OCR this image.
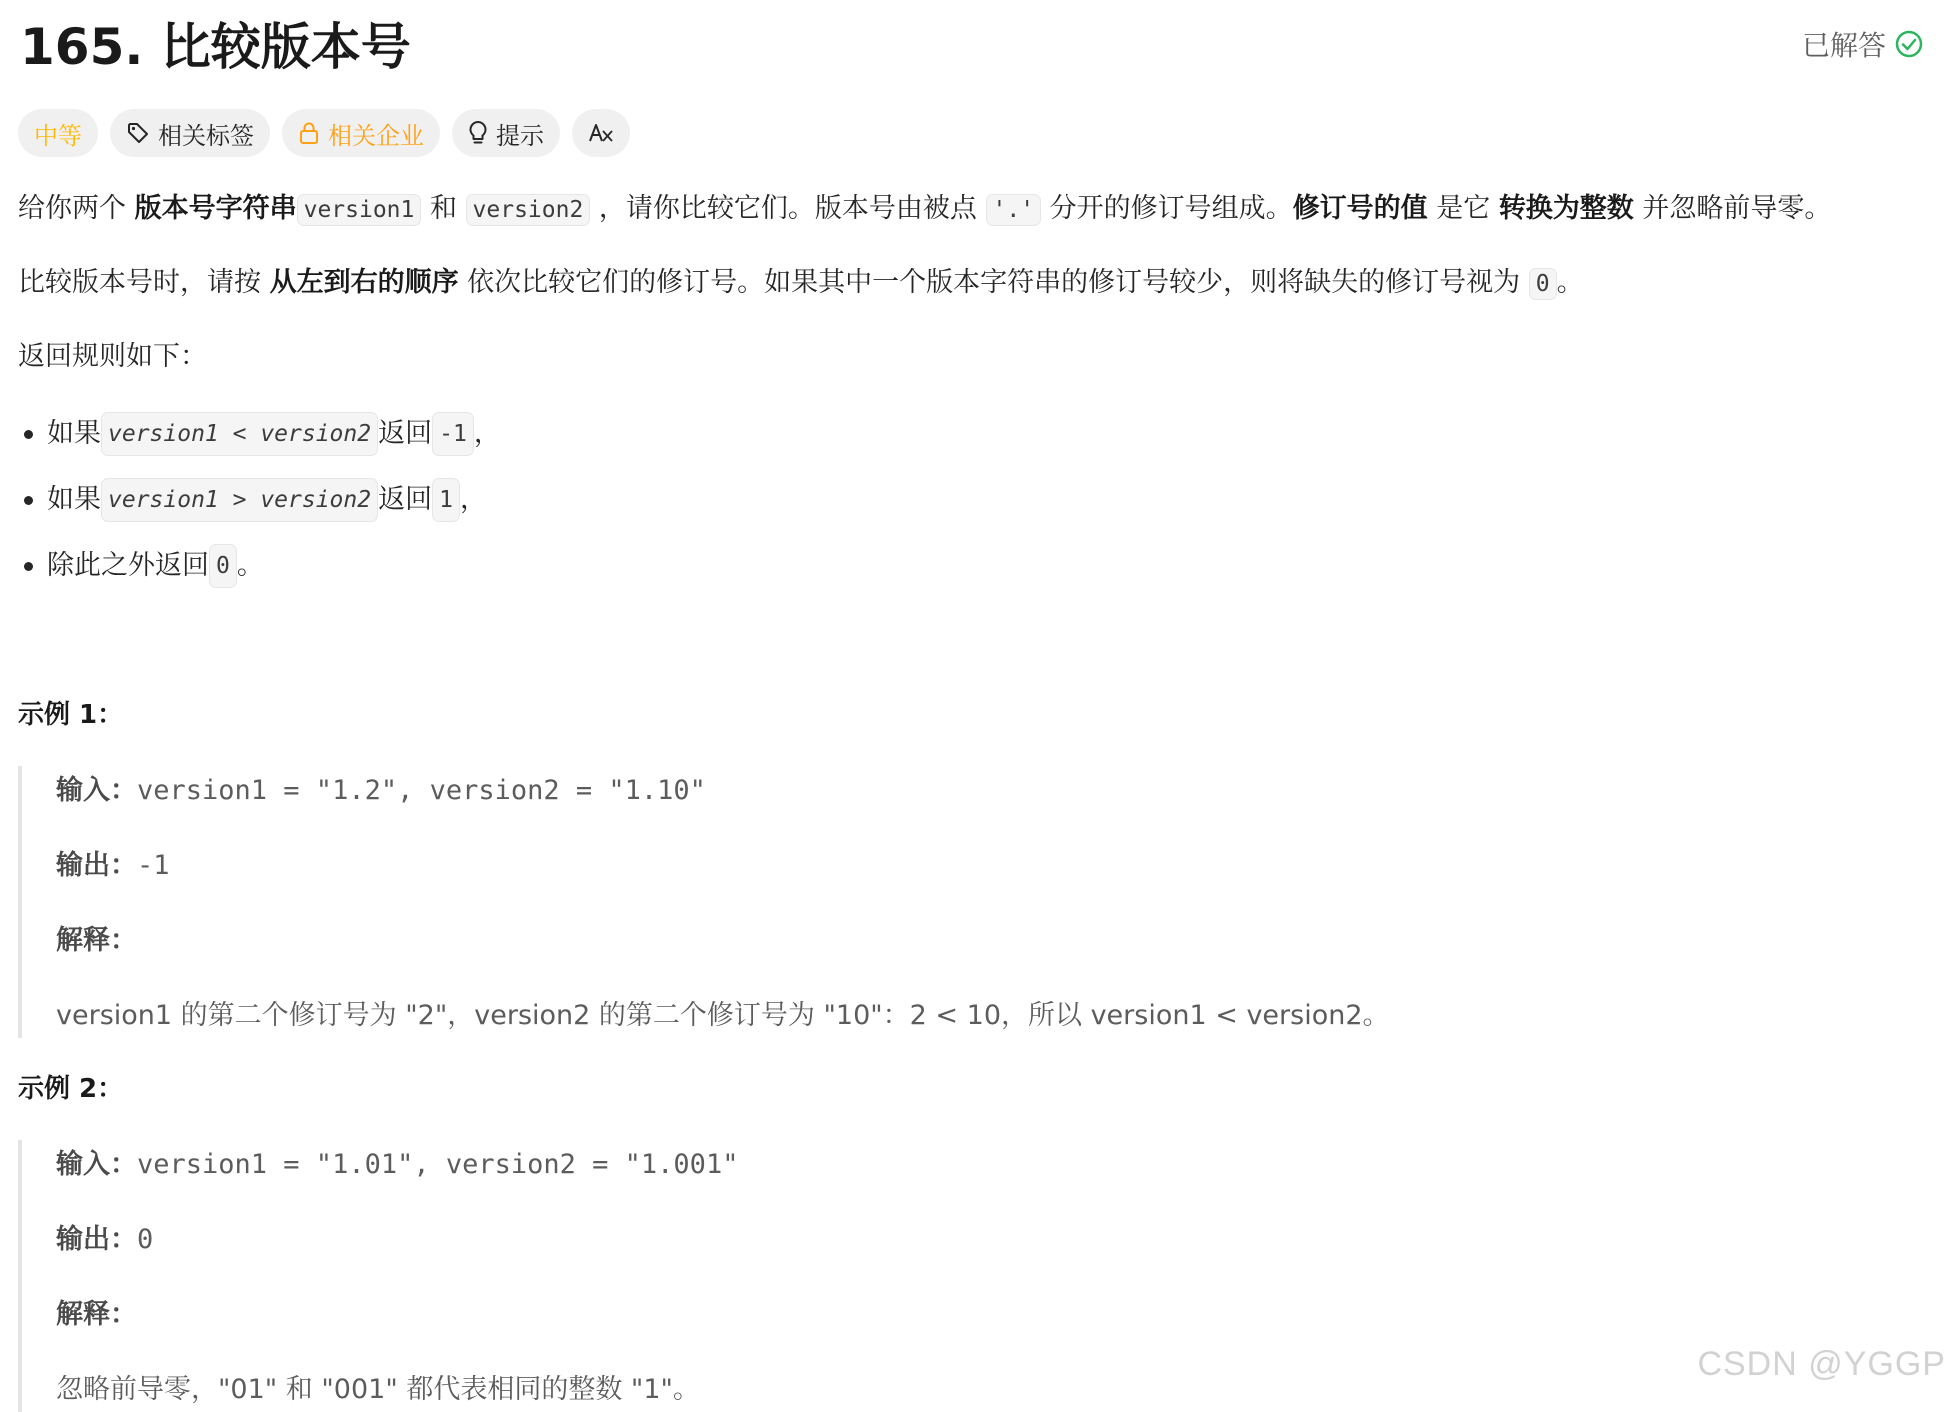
165. 比较版本号	已解答
中等	相关标签	相关企业	提示

给你两个 版本号字符串 version1 和 version2 ，请你比较它们。版本号由被点 '.' 分开的修订号组成。修订号的值 是它 转换为整数 并忽略前导零。

比较版本号时，请按 从左到右的顺序 依次比较它们的修订号。如果其中一个版本字符串的修订号较少，则将缺失的修订号视为 0 。

返回规则如下：

如果 version1 < version2 返回 -1 ，
如果 version1 > version2 返回 1 ，
除此之外返回 0 。
示例 1：
输入：version1 = "1.2", version2 = "1.10"
输出：-1
解释：
version1 的第二个修订号为 "2"，version2 的第二个修订号为 "10"：2 < 10，所以 version1 < version2。
示例 2：
输入：version1 = "1.01", version2 = "1.001"
输出：0
解释：
忽略前导零，"01" 和 "001" 都代表相同的整数 "1"。
CSDN @YGGP
